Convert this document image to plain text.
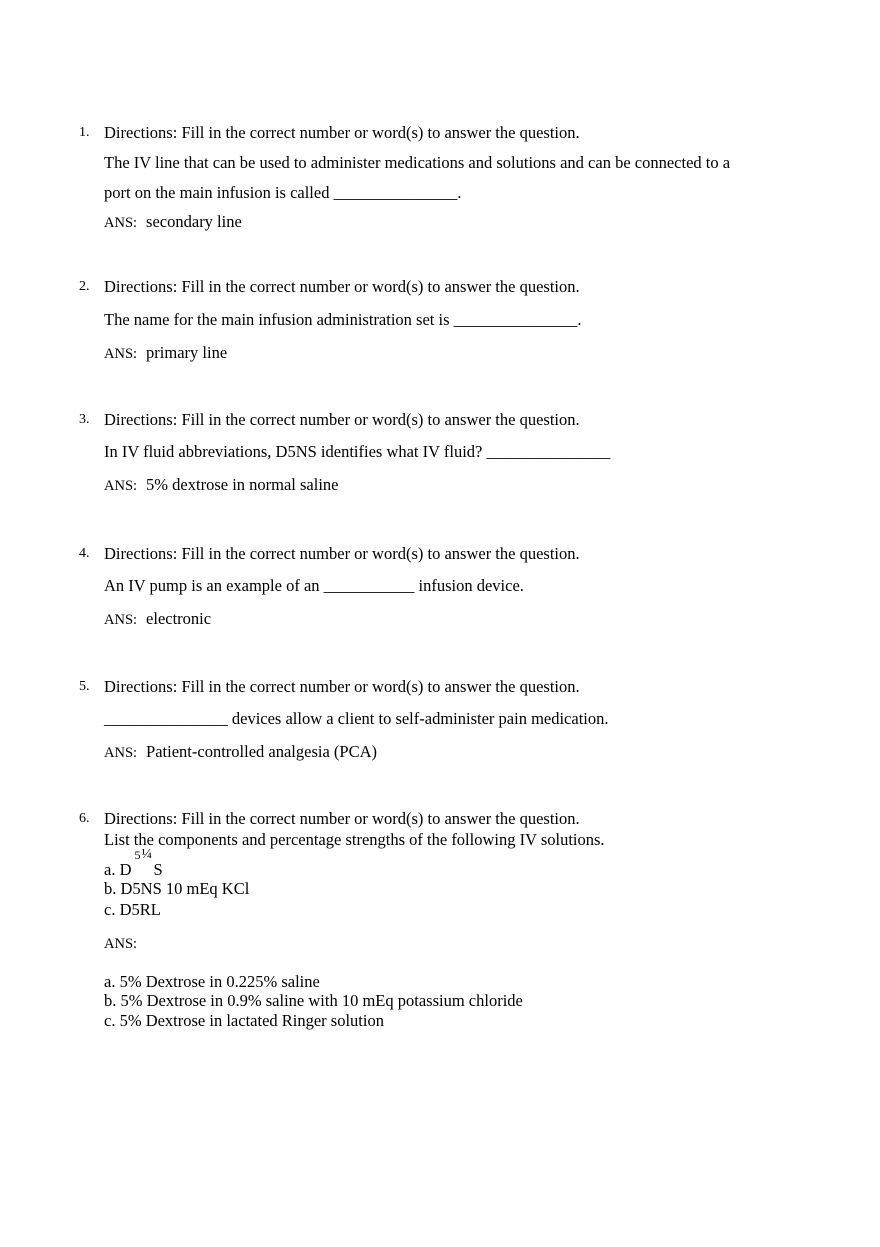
1. Directions: Fill in the correct number or word(s) to answer the question.
The IV line that can be used to administer medications and solutions and can be connected to a
port on the main infusion is called _______________.
ANS: secondary line
2. Directions: Fill in the correct number or word(s) to answer the question.
The name for the main infusion administration set is _______________.
ANS: primary line
3. Directions: Fill in the correct number or word(s) to answer the question.
In IV fluid abbreviations, D5NS identifies what IV fluid? _______________
ANS: 5% dextrose in normal saline
4. Directions: Fill in the correct number or word(s) to answer the question.
An IV pump is an example of an ___________ infusion device.
ANS: electronic
5. Directions: Fill in the correct number or word(s) to answer the question.
_______________ devices allow a client to self-administer pain medication.
ANS: Patient-controlled analgesia (PCA)
6. Directions: Fill in the correct number or word(s) to answer the question.
List the components and percentage strengths of the following IV solutions.
a. D
5 ¼
S
b. D5NS 10 mEq KCl
c. D5RL
ANS:
a. 5% Dextrose in 0.225% saline
b. 5% Dextrose in 0.9% saline with 10 mEq potassium chloride
c. 5% Dextrose in lactated Ringer solution
